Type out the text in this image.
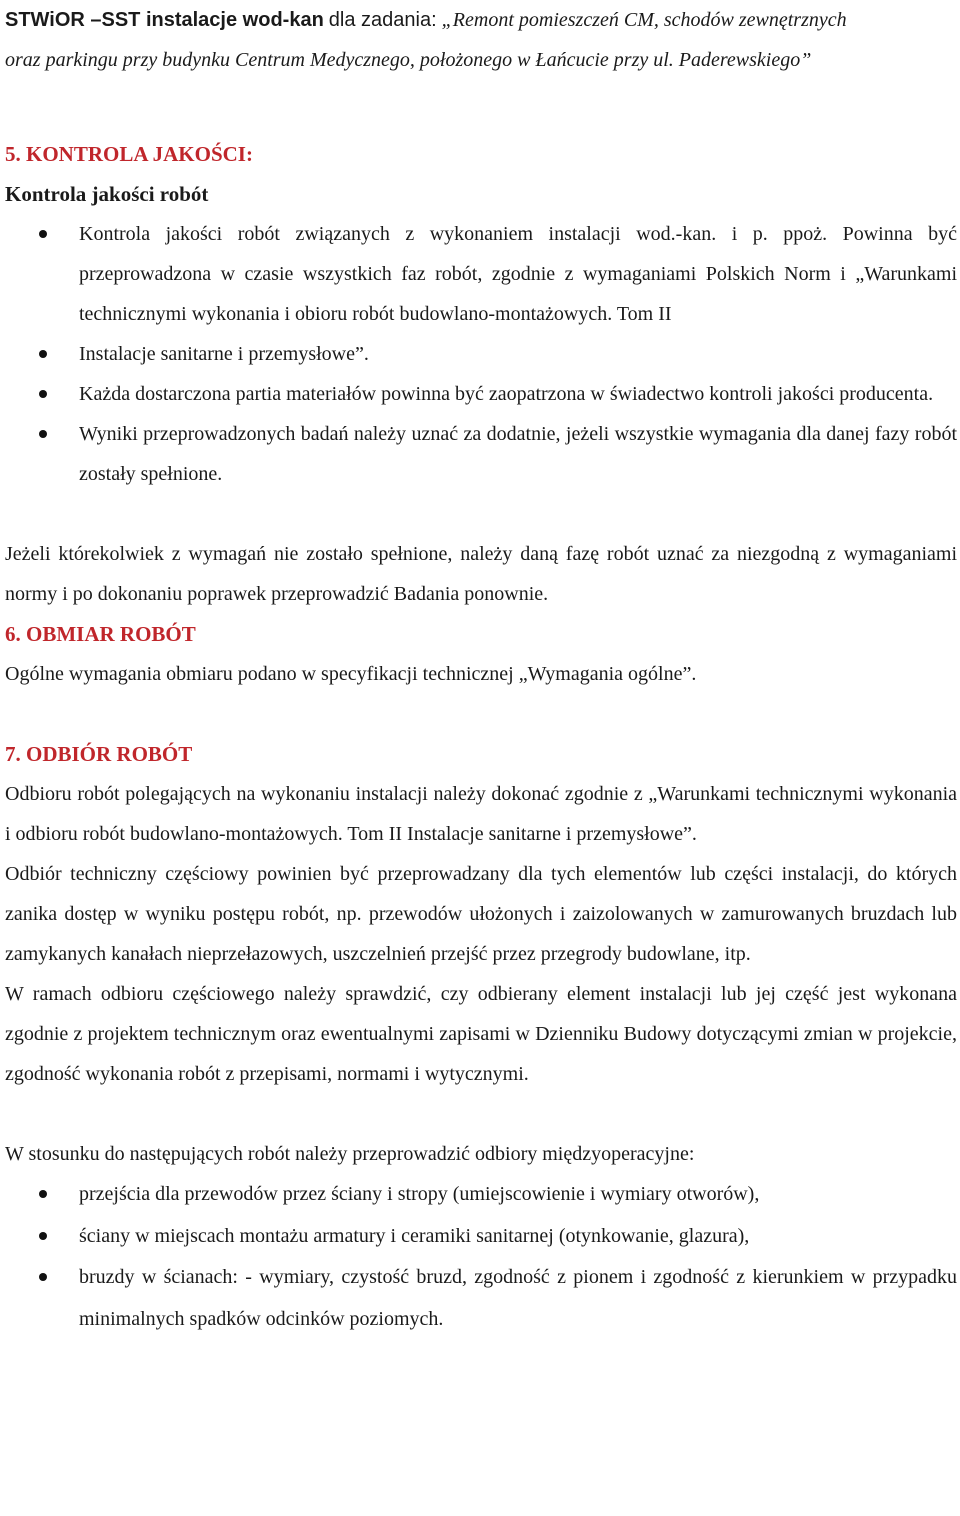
STWiOR –SST instalacje wod-kan dla zadania: „Remont pomieszczeń CM, schodów zewnętrznych
oraz parkingu przy budynku Centrum Medycznego, położonego w Łańcucie przy ul. Paderewskiego”
5. KONTROLA JAKOŚCI:
Kontrola jakości robót
Kontrola jakości robót związanych z wykonaniem instalacji wod.-kan. i p. ppoż. Powinna być przeprowadzona w czasie wszystkich faz robót, zgodnie z wymaganiami Polskich Norm i „Warunkami technicznymi wykonania i obioru robót budowlano-montażowych. Tom II
Instalacje sanitarne i przemysłowe”.
Każda dostarczona partia materiałów powinna być zaopatrzona w świadectwo kontroli jakości producenta.
Wyniki przeprowadzonych badań należy uznać za dodatnie, jeżeli wszystkie wymagania dla danej fazy robót zostały spełnione.
Jeżeli którekolwiek z wymagań nie zostało spełnione, należy daną fazę robót uznać za niezgodną z wymaganiami normy i po dokonaniu poprawek przeprowadzić Badania ponownie.
6. OBMIAR ROBÓT
Ogólne wymagania obmiaru podano w specyfikacji technicznej „Wymagania ogólne”.
7. ODBIÓR ROBÓT
Odbioru robót polegających na wykonaniu instalacji należy dokonać zgodnie z „Warunkami technicznymi wykonania i odbioru robót budowlano-montażowych. Tom II Instalacje sanitarne i przemysłowe”.
Odbiór techniczny częściowy powinien być przeprowadzany dla tych elementów lub części instalacji, do których zanika dostęp w wyniku postępu robót, np. przewodów ułożonych i zaizolowanych w zamurowanych bruzdach lub zamykanych kanałach nieprzełazowych, uszczelnień przejść przez przegrody budowlane, itp.
W ramach odbioru częściowego należy sprawdzić, czy odbierany element instalacji lub jej część jest wykonana zgodnie z projektem technicznym oraz ewentualnymi zapisami w Dzienniku Budowy dotyczącymi zmian w projekcie, zgodność wykonania robót z przepisami, normami i wytycznymi.
W stosunku do następujących robót należy przeprowadzić odbiory międzyoperacyjne:
przejścia dla przewodów przez ściany i stropy (umiejscowienie i wymiary otworów),
ściany w miejscach montażu armatury i ceramiki sanitarnej (otynkowanie, glazura),
bruzdy w ścianach: - wymiary, czystość bruzd, zgodność z pionem i zgodność z kierunkiem w przypadku minimalnych spadków odcinków poziomych.
